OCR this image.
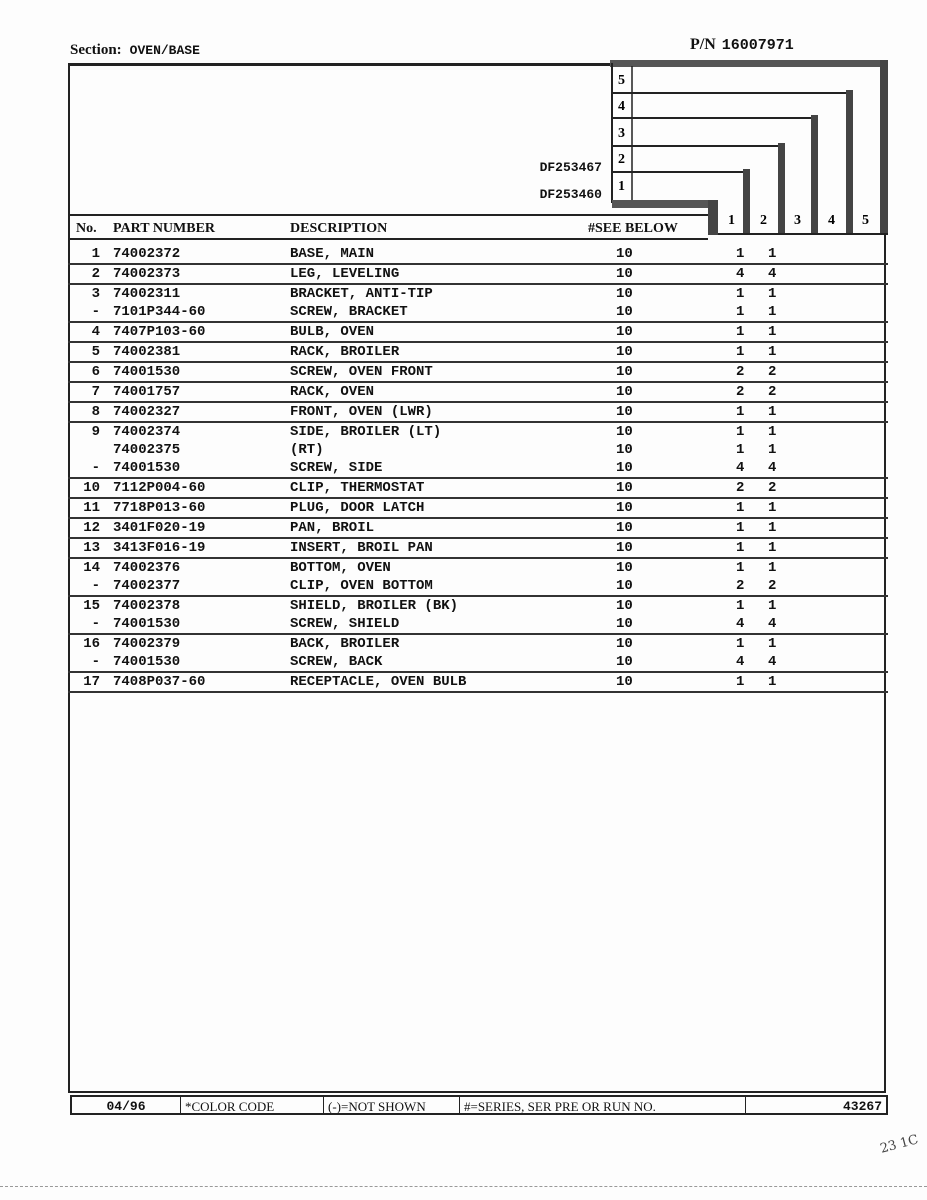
Section: OVEN/BASE	P/N 16007971
5
4
3
2
1
1 2 3 4 5
DF253467
DF253460
No. PART NUMBER	DESCRIPTION	#SEE BELOW
1 74002372	BASE, MAIN	10	1 1
2 74002373	LEG, LEVELING	10	4 4
3 74002311	BRACKET, ANTI-TIP	10	1 1
- 7101P344-60	SCREW, BRACKET	10	1 1
4 7407P103-60	BULB, OVEN	10	1 1
5 74002381	RACK, BROILER	10	1 1
6 74001530	SCREW, OVEN FRONT	10	2 2
7 74001757	RACK, OVEN	10	2 2
8 74002327	FRONT, OVEN (LWR)	10	1 1
9 74002374	SIDE, BROILER (LT)	10	1 1
74002375	(RT)	10	1 1
- 74001530	SCREW, SIDE	10	4 4
10 7112P004-60	CLIP, THERMOSTAT	10	2 2
11 7718P013-60	PLUG, DOOR LATCH	10	1 1
12 3401F020-19	PAN, BROIL	10	1 1
13 3413F016-19	INSERT, BROIL PAN	10	1 1
14 74002376	BOTTOM, OVEN	10	1 1
- 74002377	CLIP, OVEN BOTTOM	10	2 2
15 74002378	SHIELD, BROILER (BK)	10	1 1
- 74001530	SCREW, SHIELD	10	4 4
16 74002379	BACK, BROILER	10	1 1
- 74001530	SCREW, BACK	10	4 4
17 7408P037-60	RECEPTACLE, OVEN BULB	10	1 1
04/96	*COLOR CODE	(-)=NOT SHOWN	#=SERIES, SER PRE OR RUN NO.	43267
23 1C
